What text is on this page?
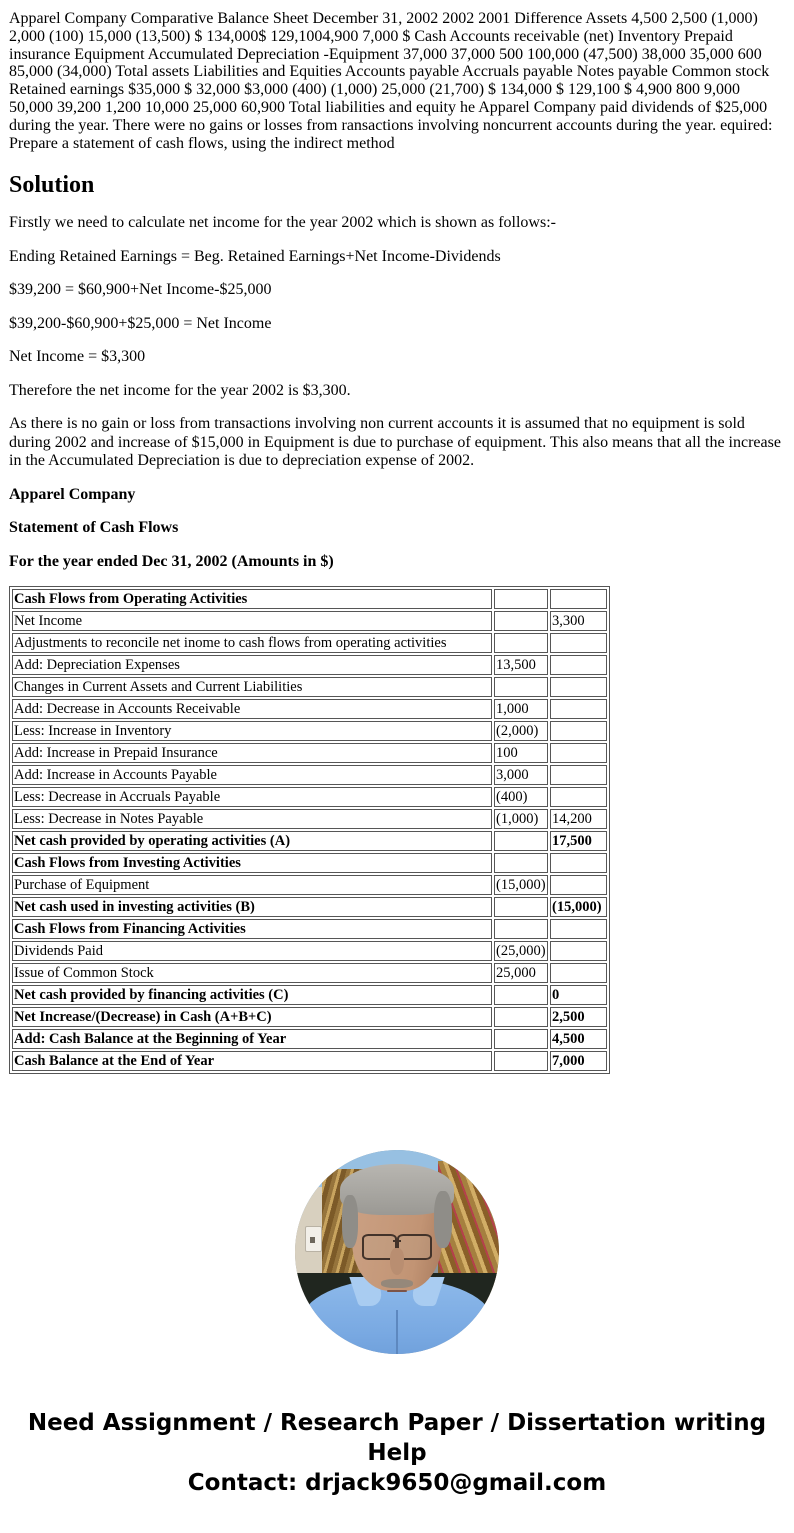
Apparel Company Comparative Balance Sheet December 31, 2002 2002 2001 Difference Assets 4,500 2,500 (1,000) 2,000 (100) 15,000 (13,500) $ 134,000$ 129,1004,900 7,000 $ Cash Accounts receivable (net) Inventory Prepaid insurance Equipment Accumulated Depreciation -Equipment 37,000 37,000 500 100,000 (47,500) 38,000 35,000 600 85,000 (34,000) Total assets Liabilities and Equities Accounts payable Accruals payable Notes payable Common stock Retained earnings $35,000 $ 32,000 $3,000 (400) (1,000) 25,000 (21,700) $ 134,000 $ 129,100 $ 4,900 800 9,000 50,000 39,200 1,200 10,000 25,000 60,900 Total liabilities and equity he Apparel Company paid dividends of $25,000 during the year. There were no gains or losses from ransactions involving noncurrent accounts during the year. equired: Prepare a statement of cash flows, using the indirect method

Solution

Firstly we need to calculate net income for the year 2002 which is shown as follows:-

Ending Retained Earnings = Beg. Retained Earnings+Net Income-Dividends

$39,200 = $60,900+Net Income-$25,000

$39,200-$60,900+$25,000 = Net Income

Net Income = $3,300

Therefore the net income for the year 2002 is $3,300.

As there is no gain or loss from transactions involving non current accounts it is assumed that no equipment is sold during 2002 and increase of $15,000 in Equipment is due to purchase of equipment. This also means that all the increase in the Accumulated Depreciation is due to depreciation expense of 2002.

Apparel Company

Statement of Cash Flows

For the year ended Dec 31, 2002 (Amounts in $)

Cash Flows from Operating Activities		
Net Income		3,300
Adjustments to reconcile net inome to cash flows from operating activities		
Add: Depreciation Expenses	13,500	
Changes in Current Assets and Current Liabilities		
Add: Decrease in Accounts Receivable	1,000	
Less: Increase in Inventory	(2,000)	
Add: Increase in Prepaid Insurance	100	
Add: Increase in Accounts Payable	3,000	
Less: Decrease in Accruals Payable	(400)	
Less: Decrease in Notes Payable	(1,000)	14,200
Net cash provided by operating activities (A)		17,500
Cash Flows from Investing Activities		
Purchase of Equipment	(15,000)	
Net cash used in investing activities (B)		(15,000)
Cash Flows from Financing Activities		
Dividends Paid	(25,000)	
Issue of Common Stock	25,000	
Net cash provided by financing activities (C)		0
Net Increase/(Decrease) in Cash (A+B+C)		2,500
Add: Cash Balance at the Beginning of Year		4,500
Cash Balance at the End of Year		7,000
Need Assignment / Research Paper / Dissertation writing Help
Contact: drjack9650@gmail.com
